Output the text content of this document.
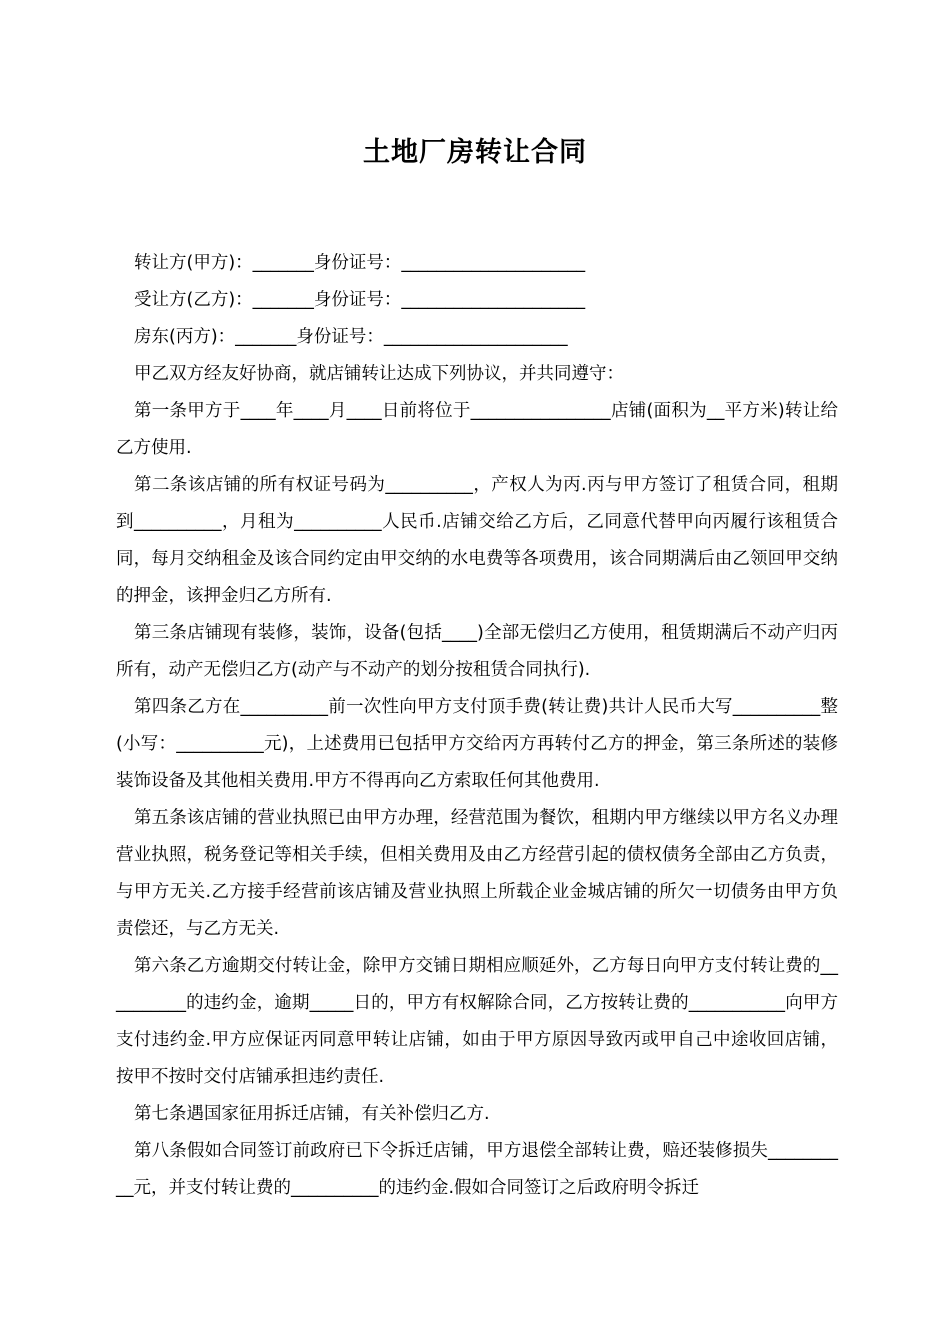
土地厂房转让合同

转让方(甲方)：_______身份证号：_____________________

受让方(乙方)：_______身份证号：_____________________

房东(丙方)：_______身份证号：_____________________

甲乙双方经友好协商，就店铺转让达成下列协议，并共同遵守：

第一条甲方于____年____月____日前将位于________________店铺(面积为__平方米)转让给乙方使用.

第二条该店铺的所有权证号码为__________，产权人为丙.丙与甲方签订了租赁合同，租期到__________，月租为__________人民币.店铺交给乙方后，乙同意代替甲向丙履行该租赁合同，每月交纳租金及该合同约定由甲交纳的水电费等各项费用，该合同期满后由乙领回甲交纳的押金，该押金归乙方所有.

第三条店铺现有装修，装饰，设备(包括____)全部无偿归乙方使用，租赁期满后不动产归丙所有，动产无偿归乙方(动产与不动产的划分按租赁合同执行).

第四条乙方在__________前一次性向甲方支付顶手费(转让费)共计人民币大写__________整(小写：__________元)，上述费用已包括甲方交给丙方再转付乙方的押金，第三条所述的装修装饰设备及其他相关费用.甲方不得再向乙方索取任何其他费用.

第五条该店铺的营业执照已由甲方办理，经营范围为餐饮，租期内甲方继续以甲方名义办理营业执照，税务登记等相关手续，但相关费用及由乙方经营引起的债权债务全部由乙方负责，与甲方无关.乙方接手经营前该店铺及营业执照上所载企业金城店铺的所欠一切债务由甲方负责偿还，与乙方无关.

第六条乙方逾期交付转让金，除甲方交铺日期相应顺延外，乙方每日向甲方支付转让费的__________的违约金，逾期_____日的，甲方有权解除合同，乙方按转让费的___________向甲方支付违约金.甲方应保证丙同意甲转让店铺，如由于甲方原因导致丙或甲自己中途收回店铺，按甲不按时交付店铺承担违约责任.

第七条遇国家征用拆迁店铺，有关补偿归乙方.

第八条假如合同签订前政府已下令拆迁店铺，甲方退偿全部转让费，赔还装修损失__________元，并支付转让费的__________的违约金.假如合同签订之后政府明令拆迁
